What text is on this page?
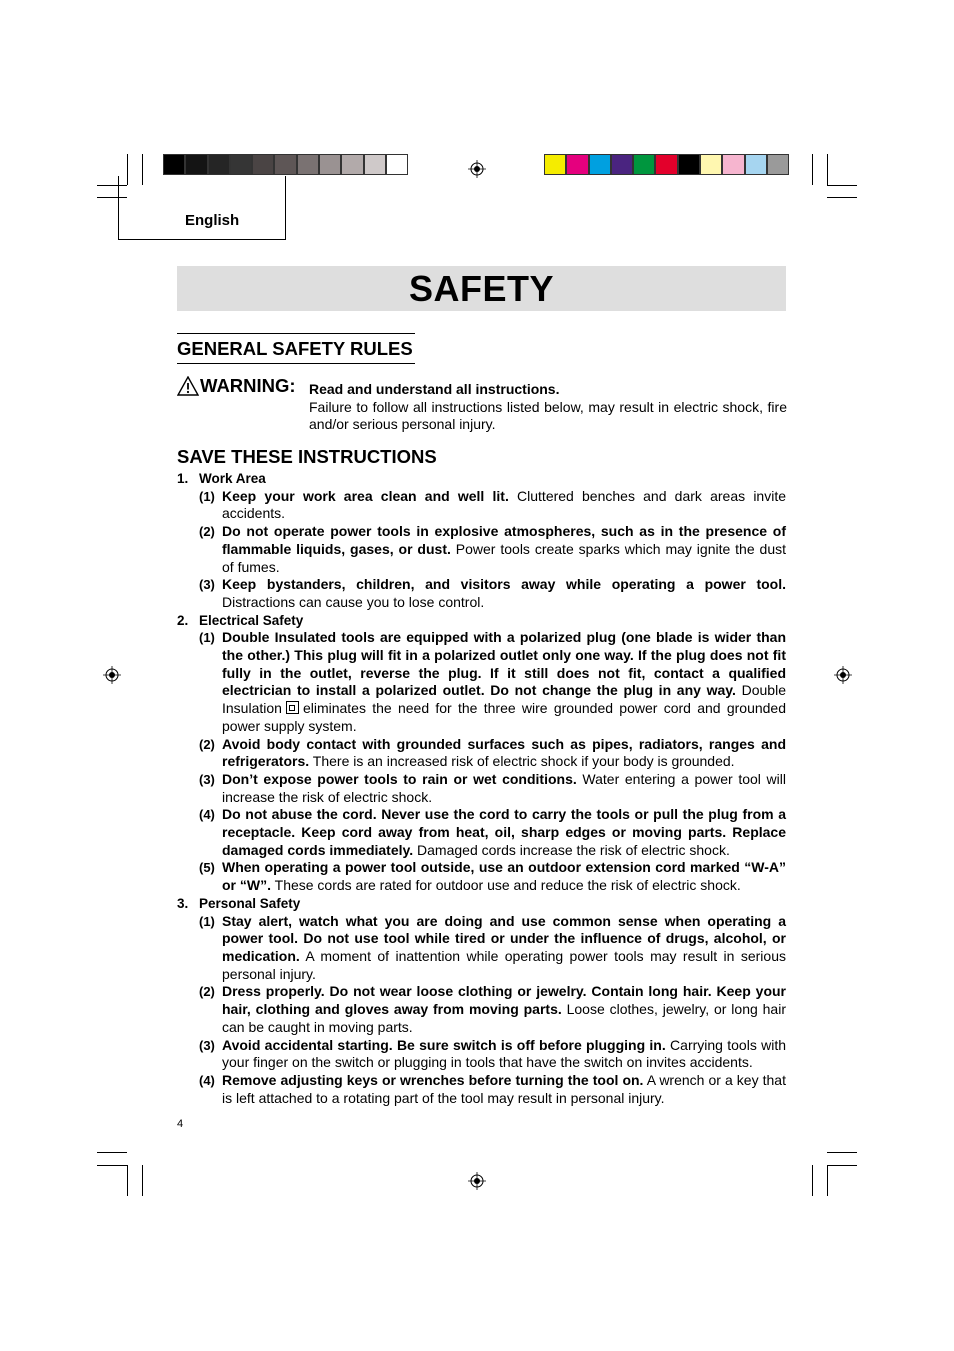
English
SAFETY
GENERAL SAFETY RULES
WARNING: Read and understand all instructions.
Failure to follow all instructions listed below, may result in electric shock, fire and/or serious personal injury.
SAVE THESE INSTRUCTIONS
1. Work Area
(1) Keep your work area clean and well lit. Cluttered benches and dark areas invite accidents.
(2) Do not operate power tools in explosive atmospheres, such as in the presence of flammable liquids, gases, or dust. Power tools create sparks which may ignite the dust of fumes.
(3) Keep bystanders, children, and visitors away while operating a power tool. Distractions can cause you to lose control.
2. Electrical Safety
(1) Double Insulated tools are equipped with a polarized plug (one blade is wider than the other.) This plug will fit in a polarized outlet only one way. If the plug does not fit fully in the outlet, reverse the plug. If it still does not fit, contact a qualified electrician to install a polarized outlet. Do not change the plug in any way. Double Insulation eliminates the need for the three wire grounded power cord and grounded power supply system.
(2) Avoid body contact with grounded surfaces such as pipes, radiators, ranges and refrigerators. There is an increased risk of electric shock if your body is grounded.
(3) Don’t expose power tools to rain or wet conditions. Water entering a power tool will increase the risk of electric shock.
(4) Do not abuse the cord. Never use the cord to carry the tools or pull the plug from a receptacle. Keep cord away from heat, oil, sharp edges or moving parts. Replace damaged cords immediately. Damaged cords increase the risk of electric shock.
(5) When operating a power tool outside, use an outdoor extension cord marked “W-A” or “W”. These cords are rated for outdoor use and reduce the risk of electric shock.
3. Personal Safety
(1) Stay alert, watch what you are doing and use common sense when operating a power tool. Do not use tool while tired or under the influence of drugs, alcohol, or medication. A moment of inattention while operating power tools may result in serious personal injury.
(2) Dress properly. Do not wear loose clothing or jewelry. Contain long hair. Keep your hair, clothing and gloves away from moving parts. Loose clothes, jewelry, or long hair can be caught in moving parts.
(3) Avoid accidental starting. Be sure switch is off before plugging in. Carrying tools with your finger on the switch or plugging in tools that have the switch on invites accidents.
(4) Remove adjusting keys or wrenches before turning the tool on. A wrench or a key that is left attached to a rotating part of the tool may result in personal injury.
4
